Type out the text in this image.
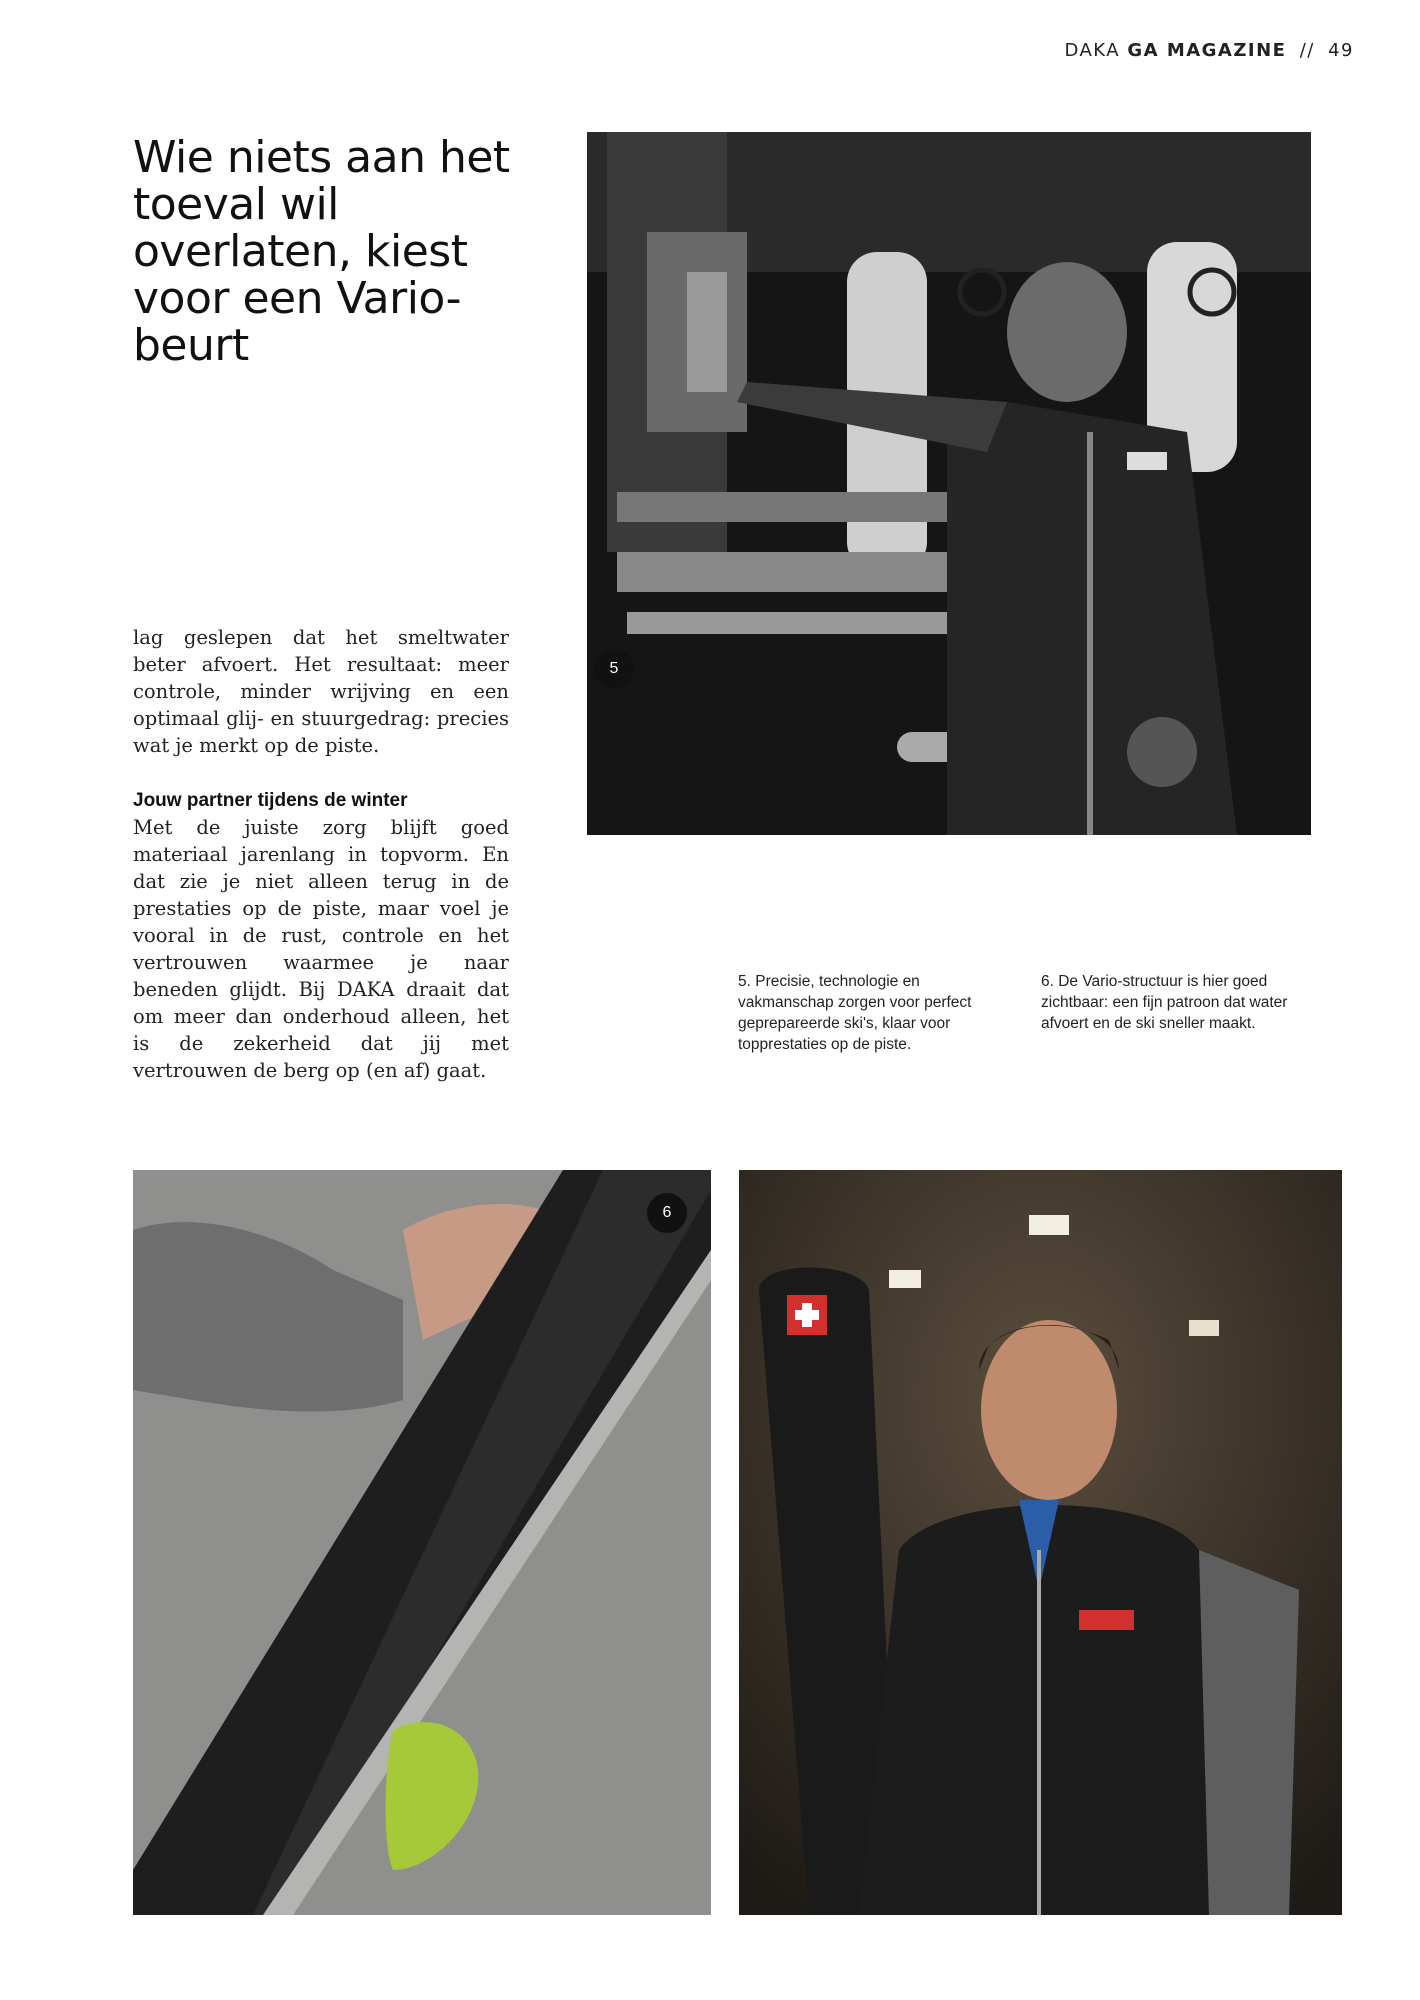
DAKA GA MAGAZINE // 49
Wie niets aan het toeval wil overlaten, kiest voor een Vario-beurt

lag geslepen dat het smeltwater beter afvoert. Het resultaat: meer controle, minder wrijving en een optimaal glij- en stuurgedrag: precies wat je merkt op de piste.

Jouw partner tijdens de winter

Met de juiste zorg blijft goed materiaal jarenlang in topvorm. En dat zie je niet alleen terug in de prestaties op de piste, maar voel je vooral in de rust, controle en het vertrouwen waarmee je naar beneden glijdt. Bij DAKA draait dat om meer dan onderhoud alleen, het is de zekerheid dat jij met vertrouwen de berg op (en af) gaat.

5

5. Precisie, technologie en vakmanschap zorgen voor perfect geprepareerde ski's, klaar voor topprestaties op de piste.

6. De Vario-structuur is hier goed zichtbaar: een fijn patroon dat water afvoert en de ski sneller maakt.

6
